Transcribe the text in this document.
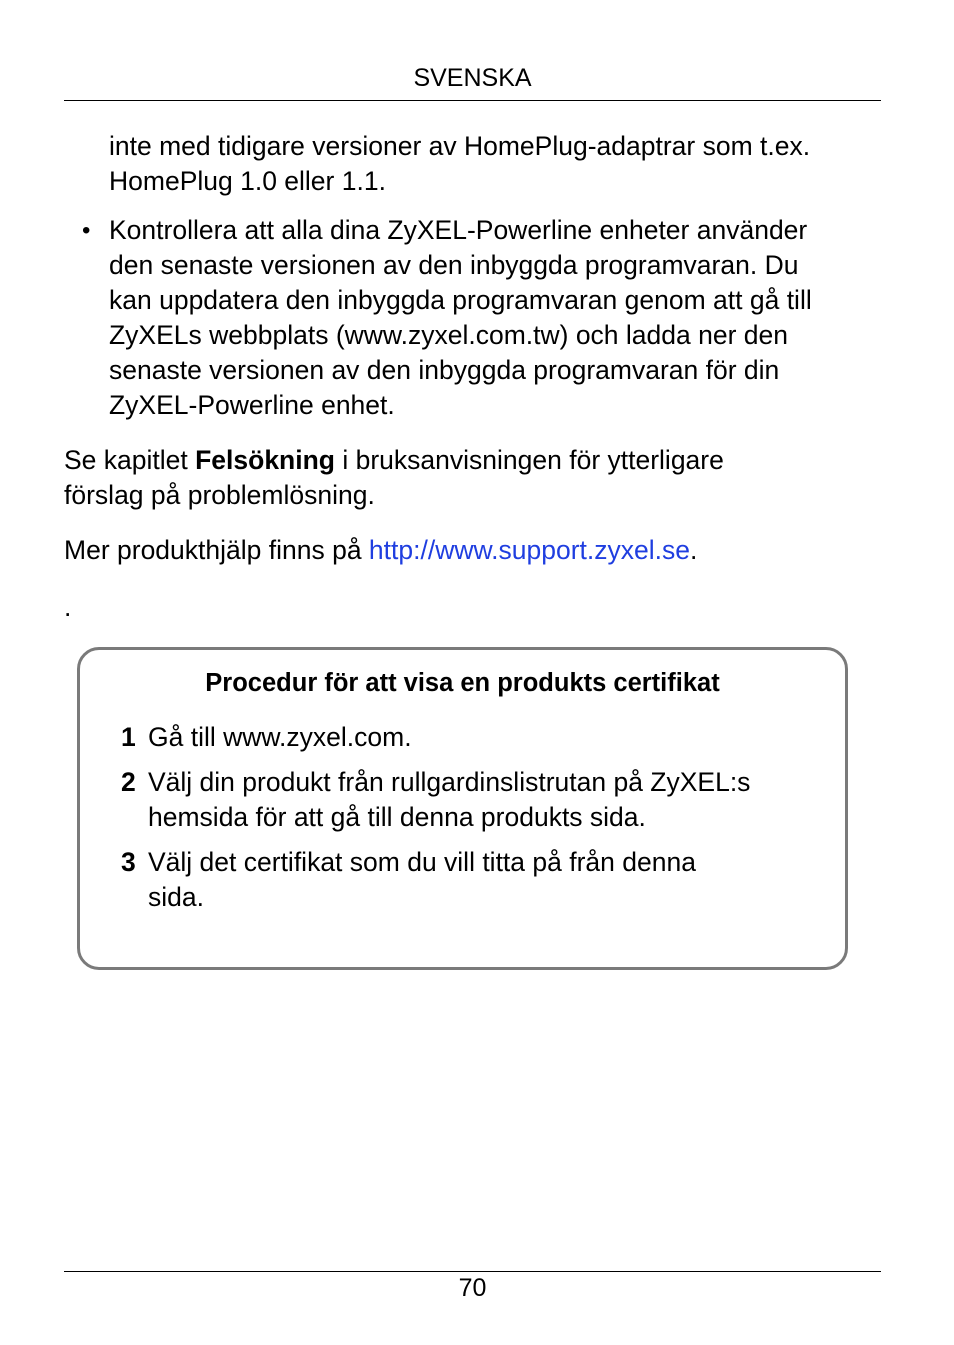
SVENSKA
inte med tidigare versioner av HomePlug-adaptrar som t.ex.
HomePlug 1.0 eller 1.1.
• Kontrollera att alla dina ZyXEL-Powerline enheter använder
den senaste versionen av den inbyggda programvaran. Du
kan uppdatera den inbyggda programvaran genom att gå till
ZyXELs webbplats (www.zyxel.com.tw) och ladda ner den
senaste versionen av den inbyggda programvaran för din
ZyXEL-Powerline enhet.
Se kapitlet Felsökning i bruksanvisningen för ytterligare
förslag på problemlösning.
Mer produkthjälp finns på http://www.support.zyxel.se.
.
Procedur för att visa en produkts certifikat
1 Gå till www.zyxel.com.
2 Välj din produkt från rullgardinslistrutan på ZyXEL:s
hemsida för att gå till denna produkts sida.
3 Välj det certifikat som du vill titta på från denna
sida.
70
